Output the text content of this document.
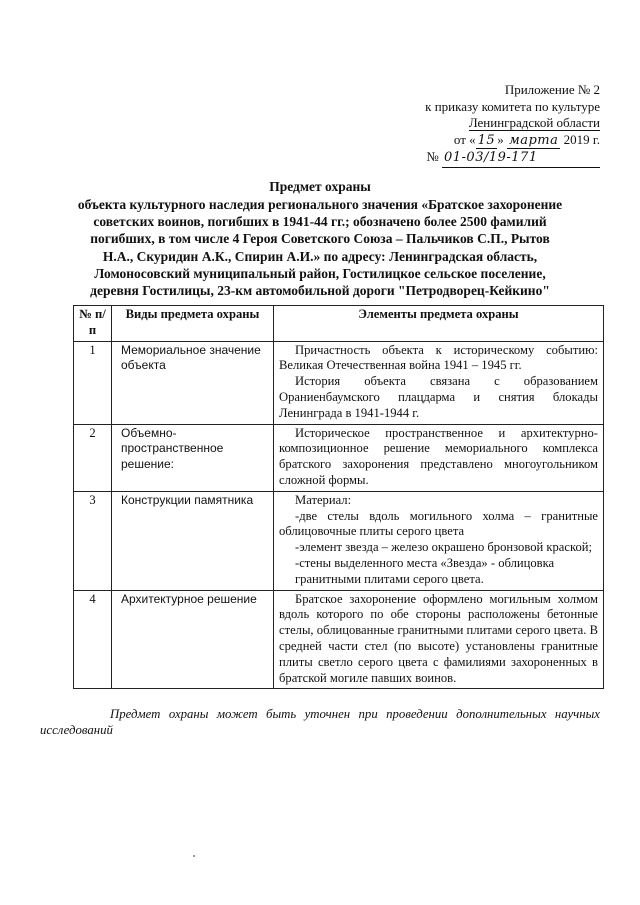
Приложение № 2
к приказу комитета по культуре
Ленинградской области
от « 15 » марта 2019 г.
№ 01-03/19-171
Предмет охраны
объекта культурного наследия регионального значения «Братское захоронение
советских воинов, погибших в 1941-44 гг.; обозначено более 2500 фамилий
погибших, в том числе 4 Героя Советского Союза – Пальчиков С.П., Рытов
Н.А., Скуридин А.К., Спирин А.И.» по адресу: Ленинградская область,
Ломоносовский муниципальный район, Гостилицкое сельское поселение,
деревня Гостилицы, 23-км автомобильной дороги "Петродворец-Кейкино"
№ п/п	Виды предмета охраны	Элементы предмета охраны
1	Мемориальное значение объекта	Причастность объекта к историческому событию: Великая Отечественная война 1941 – 1945 гг.

История объекта связана с образованием Ораниенбаумского плацдарма и снятия блокады Ленинграда в 1941-1944 г.

2	Объемно-пространственное решение:	Историческое пространственное и архитектурно-композиционное решение мемориального комплекса братского захоронения представлено многоугольником сложной формы.

3	Конструкции памятника	Материал:

-две стелы вдоль могильного холма – гранитные облицовочные плиты серого цвета

-элемент звезда – железо окрашено бронзовой краской;

-стены выделенного места «Звезда» - облицовка

гранитными плитами серого цвета.

4	Архитектурное решение	Братское захоронение оформлено могильным холмом вдоль которого по обе стороны расположены бетонные стелы, облицованные гранитными плитами серого цвета. В средней части стел (по высоте) установлены гранитные плиты светло серого цвета с фамилиями захороненных в братской могиле павших воинов.

Предмет охраны может быть уточнен при проведении дополнительных научных исследований
